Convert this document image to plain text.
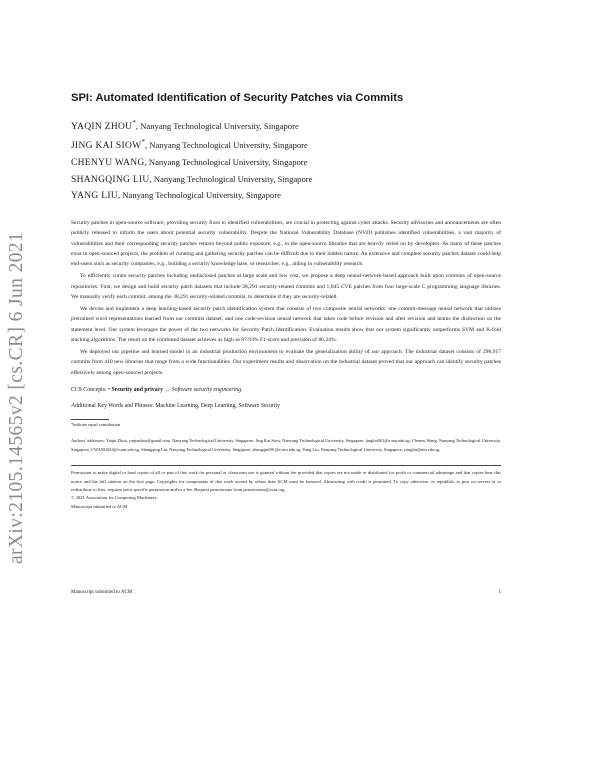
arXiv:2105.14565v2 [cs.CR] 6 Jun 2021
SPI: Automated Identification of Security Patches via Commits
YAQIN ZHOU*, Nanyang Technological University, Singapore
JING KAI SIOW*, Nanyang Technological University, Singapore
CHENYU WANG, Nanyang Technological University, Singapore
SHANGQING LIU, Nanyang Technological University, Singapore
YANG LIU, Nanyang Technological University, Singapore

Security patches in open-source software, providing security fixes to identified vulnerabilities, are crucial in protecting against cyber attacks. Security advisories and announcements are often publicly released to inform the users about potential security vulnerability. Despite the National Vulnerability Database (NVD) publishes identified vulnerabilities, a vast majority of vulnerabilities and their corresponding security patches remain beyond public exposure, e.g., in the open-source libraries that are heavily relied on by developers. As many of these patches exist in open-sourced projects, the problem of curating and gathering security patches can be difficult due to their hidden nature. An extensive and complete security patches dataset could help end-users such as security companies, e.g., building a security knowledge base, or researcher, e.g., aiding in vulnerability research.

To efficiently curate security patches including undisclosed patches at large scale and low cost, we propose a deep neural-network-based approach built upon commits of open-source repositories. First, we design and build security patch datasets that include 38,291 security-related commits and 1,045 CVE patches from four large-scale C programming language libraries. We manually verify each commit, among the 38,291 security-related commits, to determine if they are security-related.

We devise and implement a deep learning-based security patch identification system that consists of two composite neural networks: one commit-message neural network that utilizes pretrained word representations learned from our commits dataset; and one code-revision neural network that takes code before revision and after revision and learns the distinction on the statement level. Our system leverages the power of the two networks for Security Patch Identification. Evaluation results show that our system significantly outperforms SVM and K-fold stacking algorithms. The result on the combined dataset achieves as high as 87.93% F1-score and precision of 86.24%.

We deployed our pipeline and learned model in an industrial production environment to evaluate the generalization ability of our approach. The industrial dataset consists of 298,917 commits from 410 new libraries that range from a wide functionalities. Our experiment results and observation on the industrial dataset proved that our approach can identify security patches effectively among open-sourced projects.

CCS Concepts: • Security and privacy → Software security engineering.
Additional Key Words and Phrases: Machine Learning, Deep Learning, Software Security
*indicate equal contribution
Authors' addresses: Yaqin Zhou, yaqinzhou@gmail.com, Nanyang Technological University, Singapore; Jing Kai Siow, Nanyang Technological University, Singapore, jingkai001@e.ntu.edu.sg; Chenyu Wang, Nanyang Technological University, Singapore, CWANG034@e.ntu.edu.sg; Shangqing Liu, Nanyang Technological University, Singapore, shangqin001@e.ntu.edu.sg; Yang Liu, Nanyang Technological University, Singapore, yangliu@ntu.edu.sg.
Permission to make digital or hard copies of all or part of this work for personal or classroom use is granted without fee provided that copies are not made or distributed for profit or commercial advantage and that copies bear this notice and the full citation on the first page. Copyrights for components of this work owned by others than ACM must be honored. Abstracting with credit is permitted. To copy otherwise, or republish, to post on servers or to redistribute to lists, requires prior specific permission and/or a fee. Request permissions from permissions@acm.org.
© 2021 Association for Computing Machinery.
Manuscript submitted to ACM
Manuscript submitted to ACM	1
